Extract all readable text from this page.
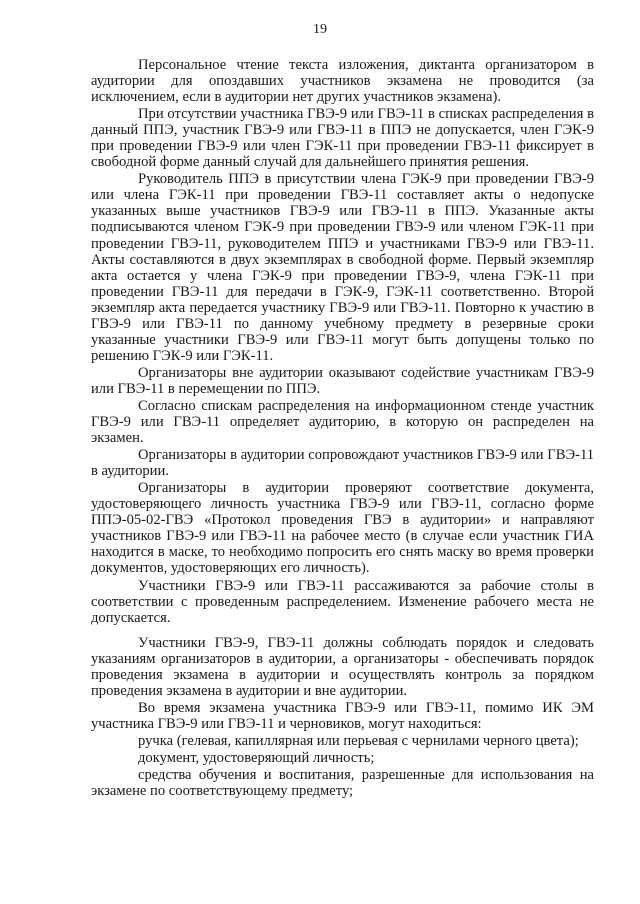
19

Персональное чтение текста изложения, диктанта организатором в аудитории для опоздавших участников экзамена не проводится (за исключением, если в аудитории нет других участников экзамена).

При отсутствии участника ГВЭ-9 или ГВЭ-11 в списках распределения в данный ППЭ, участник ГВЭ-9 или ГВЭ-11 в ППЭ не допускается, член ГЭК-9 при проведении ГВЭ-9 или член ГЭК-11 при проведении ГВЭ-11 фиксирует в свободной форме данный случай для дальнейшего принятия решения.

Руководитель ППЭ в присутствии члена ГЭК-9 при проведении ГВЭ-9 или члена ГЭК-11 при проведении ГВЭ-11 составляет акты о недопуске указанных выше участников ГВЭ-9 или ГВЭ-11 в ППЭ. Указанные акты подписываются членом ГЭК-9 при проведении ГВЭ-9 или членом ГЭК-11 при проведении ГВЭ-11, руководителем ППЭ и участниками ГВЭ-9 или ГВЭ-11. Акты составляются в двух экземплярах в свободной форме. Первый экземпляр акта остается у члена ГЭК-9 при проведении ГВЭ-9, члена ГЭК-11 при проведении ГВЭ-11 для передачи в ГЭК-9, ГЭК-11 соответственно. Второй экземпляр акта передается участнику ГВЭ-9 или ГВЭ-11. Повторно к участию в ГВЭ-9 или ГВЭ-11 по данному учебному предмету в резервные сроки указанные участники ГВЭ-9 или ГВЭ-11 могут быть допущены только по решению ГЭК-9 или ГЭК-11.

Организаторы вне аудитории оказывают содействие участникам ГВЭ-9 или ГВЭ-11 в перемещении по ППЭ.

Согласно спискам распределения на информационном стенде участник ГВЭ-9 или ГВЭ-11 определяет аудиторию, в которую он распределен на экзамен.

Организаторы в аудитории сопровождают участников ГВЭ-9 или ГВЭ-11 в аудитории.

Организаторы в аудитории проверяют соответствие документа, удостоверяющего личность участника ГВЭ-9 или ГВЭ-11, согласно форме ППЭ-05-02-ГВЭ «Протокол проведения ГВЭ в аудитории» и направляют участников ГВЭ-9 или ГВЭ-11 на рабочее место (в случае если участник ГИА находится в маске, то необходимо попросить его снять маску во время проверки документов, удостоверяющих его личность).

Участники ГВЭ-9 или ГВЭ-11 рассаживаются за рабочие столы в соответствии с проведенным распределением. Изменение рабочего места не допускается.

Участники ГВЭ-9, ГВЭ-11 должны соблюдать порядок и следовать указаниям организаторов в аудитории, а организаторы - обеспечивать порядок проведения экзамена в аудитории и осуществлять контроль за порядком проведения экзамена в аудитории и вне аудитории.

Во время экзамена участника ГВЭ-9 или ГВЭ-11, помимо ИК ЭМ участника ГВЭ-9 или ГВЭ-11 и черновиков, могут находиться:

ручка (гелевая, капиллярная или перьевая с чернилами черного цвета);

документ, удостоверяющий личность;

средства обучения и воспитания, разрешенные для использования на экзамене по соответствующему предмету;
